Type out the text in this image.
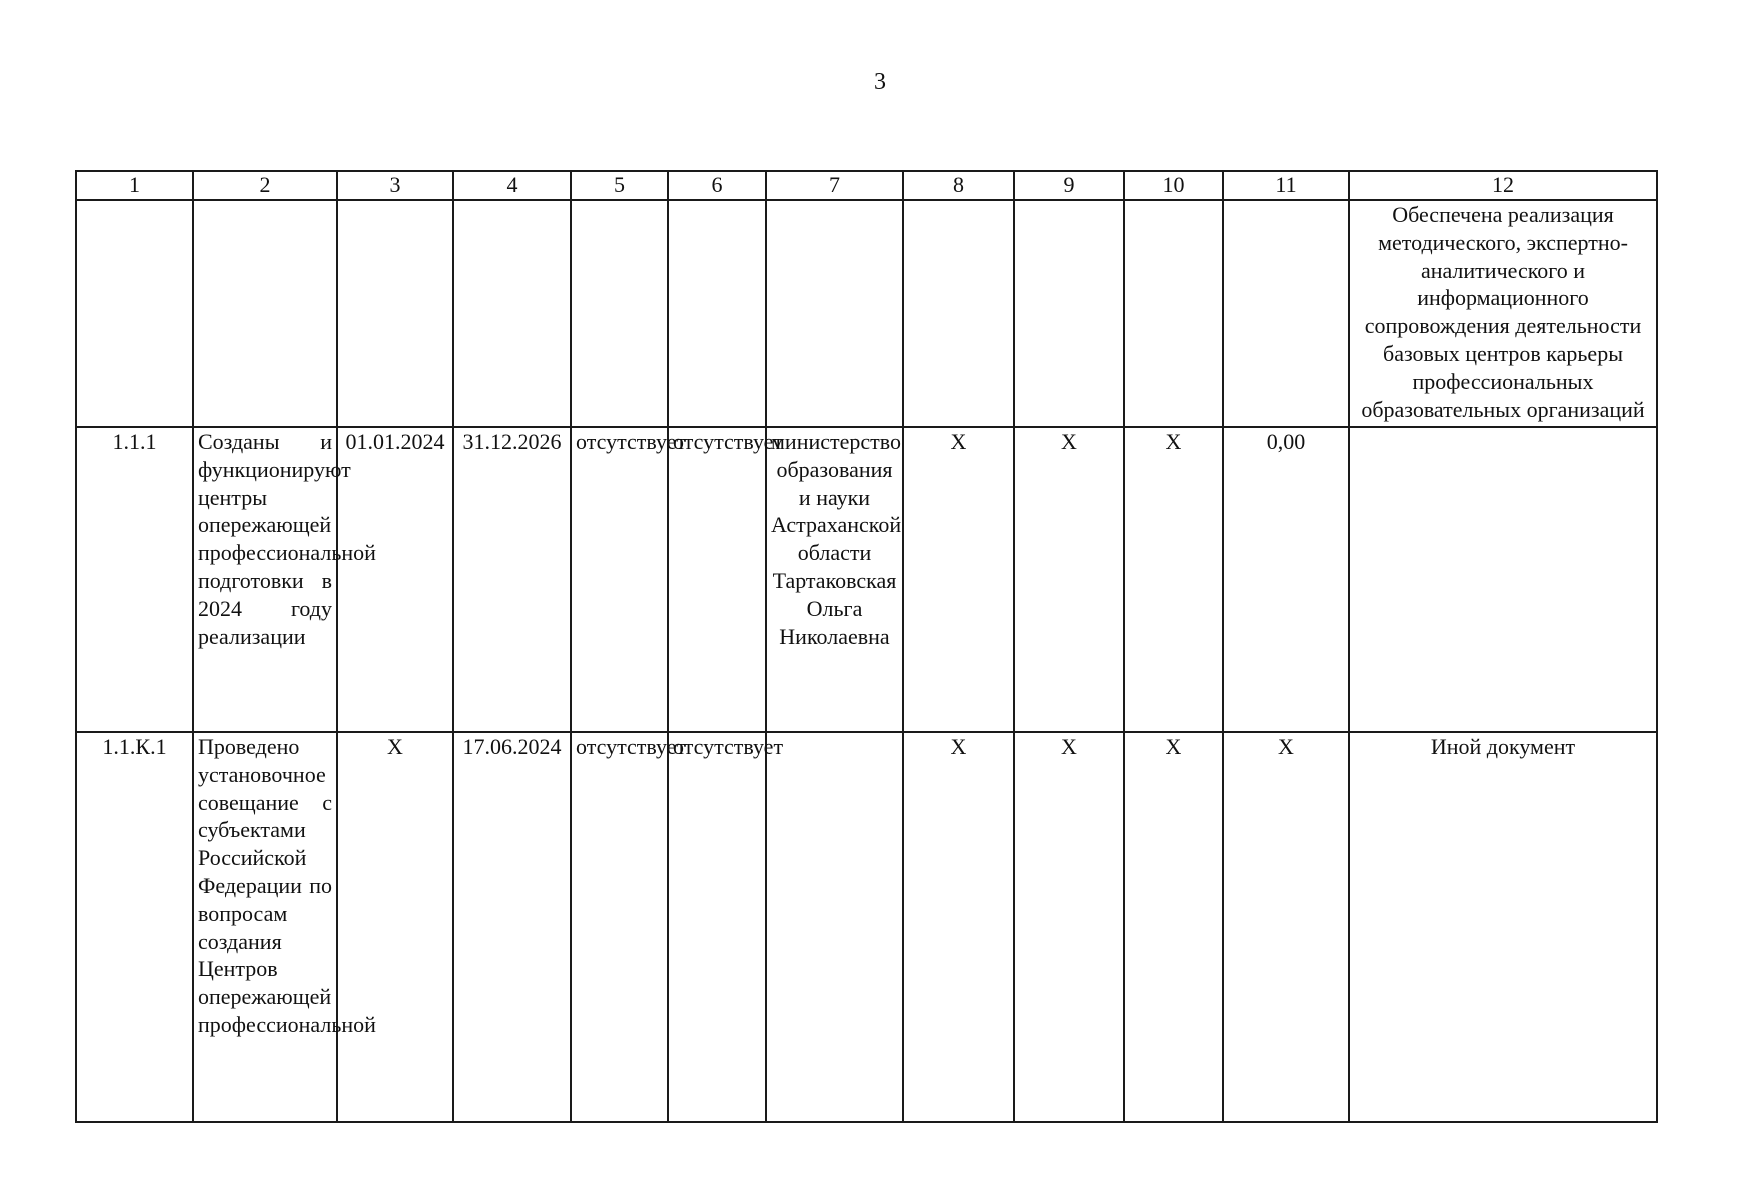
3
1	2	3	4	5	6	7	8	9	10	11	12
											Обеспечена реализация методического, экспертно-аналитического и информационного сопровождения деятельности базовых центров карьеры профессиональных образовательных организаций
1.1.1	Созданы и функционируют центры опережающей профессиональной подготовки в 2024 году реализации	01.01.2024	31.12.2026	отсутствует	отсутствует	министерство образования и науки Астраханской области Тартаковская Ольга Николаевна	X	X	X	0,00	
1.1.К.1	Проведено установочное совещание с субъектами Российской Федерации по вопросам создания Центров опережающей профессиональной	X	17.06.2024	отсутствует	отсутствует		X	X	X	X	Иной документ
